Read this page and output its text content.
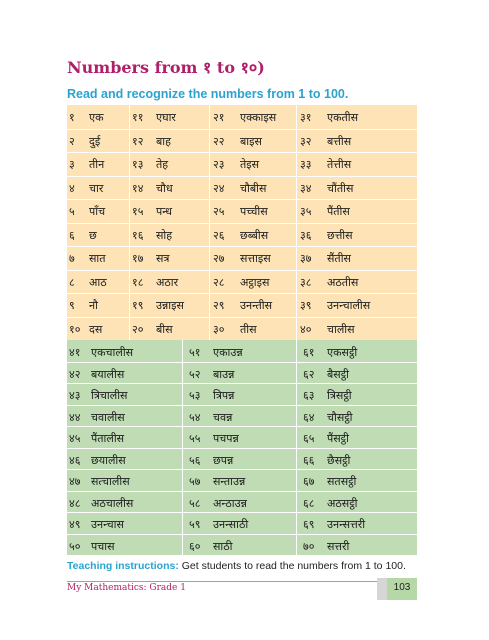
Numbers from १ to १०)
Read and recognize the numbers from 1 to 100.
१ एक	११ एघार	२१ एक्काइस ३१ एकतीस
२ दुई	१२ बाह	२२ बाइस	३२ बत्तीस
३ तीन	१३ तेह	२३ तेइस	३३ तेत्तीस
४ चार	१४ चौध	२४ चौबीस	३४ चौंतीस
५ पाँच १५ पन्ध	२५ पच्चीस	३५ पैंतीस
६ छ	१६ सोह	२६ छब्बीस	३६ छत्तीस
७ सात १७ सत्र	२७ सत्ताइस	३७ सैंतीस
८ आठ १८ अठार	२८ अट्ठाइस	३८ अठतीस
९ नौ	१९ उन्नाइस	२९ उनन्तीस	३९ उनन्चालीस
१० दस	२० बीस	३० तीस	४० चालीस
४१ एकचालीस	५१ एकाउन्न	६१ एकसट्ठी
४२ बयालीस	५२ बाउन्न	६२ बैसट्ठी
४३ त्रिचालीस	५३ त्रिपन्न	६३ त्रिसट्ठी
४४ चवालीस	५४ चवन्न	६४ चौसट्ठी
४५ पैंतालीस	५५ पचपन्न	६५ पैंसट्ठी
४६ छयालीस	५६ छपन्न	६६ छैसट्ठी
४७ सत्चालीस	५७ सन्ताउन्न	६७ सतसट्ठी
४८ अठचालीस	५८ अन्ठाउन्न	६८ अठसट्ठी
४९ उनन्चास	५९ उनन्साठी	६९ उनन्सत्तरी
५० पचास	६० साठी	७० सत्तरी
Teaching instructions: Get students to read the numbers from 1 to 100.
My Mathematics: Grade 1	103
